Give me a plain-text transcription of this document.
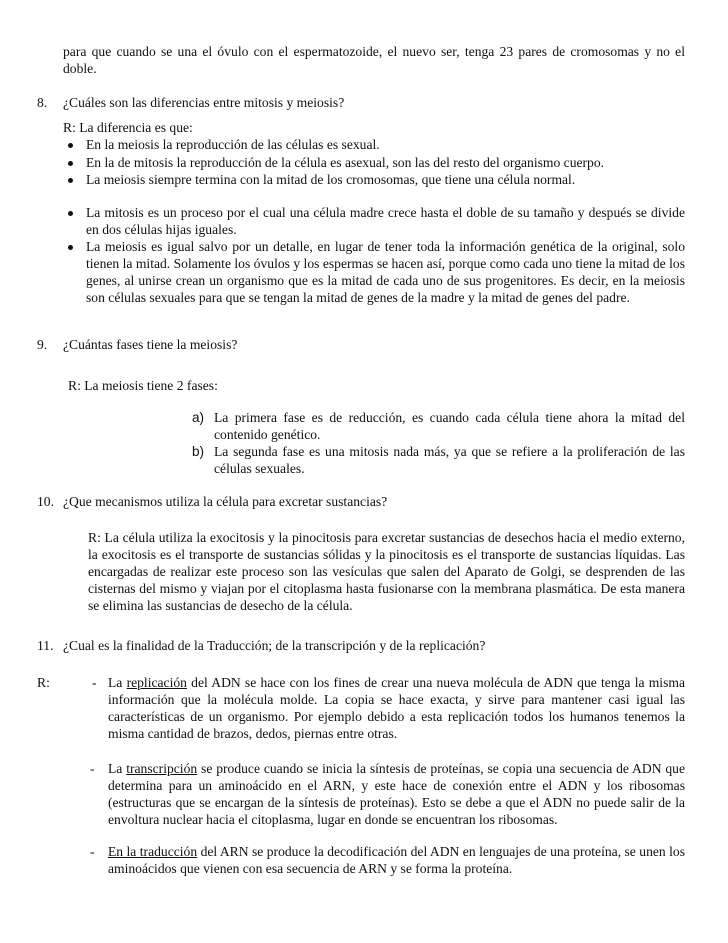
para que cuando se una el óvulo con el espermatozoide, el nuevo ser, tenga 23 pares de cromosomas y no el doble.
8. ¿Cuáles son las diferencias entre mitosis y meiosis?
R: La diferencia es que:
En la meiosis la reproducción de las células es sexual.
En la de mitosis la reproducción de la célula es asexual, son las del resto del organismo cuerpo.
La meiosis siempre termina con la mitad de los cromosomas, que tiene una célula normal.
La mitosis es un proceso por el cual una célula madre crece hasta el doble de su tamaño y después se divide en dos células hijas iguales.
La meiosis es igual salvo por un detalle, en lugar de tener toda la información genética de la original, solo tienen la mitad. Solamente los óvulos y los espermas se hacen así, porque como cada uno tiene la mitad de los genes, al unirse crean un organismo que es la mitad de cada uno de sus progenitores. Es decir, en la meiosis son células sexuales para que se tengan la mitad de genes de la madre y la mitad de genes del padre.
9. ¿Cuántas fases tiene la meiosis?
R: La meiosis tiene 2 fases:
a) La primera fase es de reducción, es cuando cada célula tiene ahora la mitad del contenido genético.
b) La segunda fase es una mitosis nada más, ya que se refiere a la proliferación de las células sexuales.
10. ¿Que mecanismos utiliza la célula para excretar sustancias?
R: La célula utiliza la exocitosis y la pinocitosis para excretar sustancias de desechos hacia el medio externo, la exocitosis es el transporte de sustancias sólidas y la pinocitosis es el transporte de sustancias líquidas. Las encargadas de realizar este proceso son las vesículas que salen del Aparato de Golgi, se desprenden de las cisternas del mismo y viajan por el citoplasma hasta fusionarse con la membrana plasmática. De esta manera se elimina las sustancias de desecho de la célula.
11. ¿Cual es la finalidad de la Traducción; de la transcripción y de la replicación?
R:	- La replicación del ADN se hace con los fines de crear una nueva molécula de ADN que tenga la misma información que la molécula molde. La copia se hace exacta, y sirve para mantener casi igual las características de un organismo. Por ejemplo debido a esta replicación todos los humanos tenemos la misma cantidad de brazos, dedos, piernas entre otras.
- La transcripción se produce cuando se inicia la síntesis de proteínas, se copia una secuencia de ADN que determina para un aminoácido en el ARN, y este hace de conexión entre el ADN y los ribosomas (estructuras que se encargan de la síntesis de proteínas). Esto se debe a que el ADN no puede salir de la envoltura nuclear hacia el citoplasma, lugar en donde se encuentran los ribosomas.
- En la traducción del ARN se produce la decodificación del ADN en lenguajes de una proteína, se unen los aminoácidos que vienen con esa secuencia de ARN y se forma la proteína.
